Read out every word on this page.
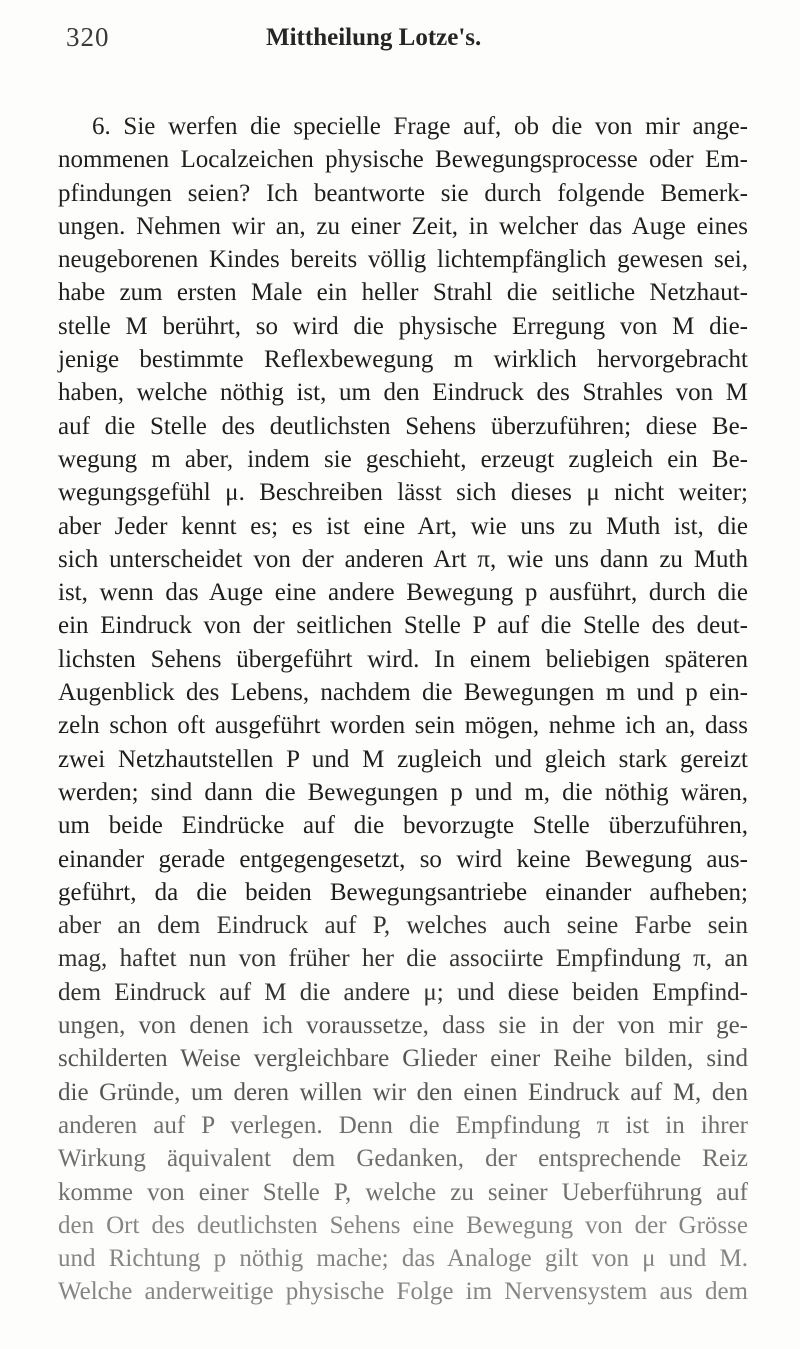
320	Mittheilung Lotze's.
6. Sie werfen die specielle Frage auf, ob die von mir ange-
nommenen Localzeichen physische Bewegungsprocesse oder Em-
pfindungen seien? Ich beantworte sie durch folgende Bemerk-
ungen. Nehmen wir an, zu einer Zeit, in welcher das Auge eines
neugeborenen Kindes bereits völlig lichtempfänglich gewesen sei,
habe zum ersten Male ein heller Strahl die seitliche Netzhaut-
stelle M berührt, so wird die physische Erregung von M die-
jenige bestimmte Reflexbewegung m wirklich hervorgebracht
haben, welche nöthig ist, um den Eindruck des Strahles von M
auf die Stelle des deutlichsten Sehens überzuführen; diese Be-
wegung m aber, indem sie geschieht, erzeugt zugleich ein Be-
wegungsgefühl μ. Beschreiben lässt sich dieses μ nicht weiter;
aber Jeder kennt es; es ist eine Art, wie uns zu Muth ist, die
sich unterscheidet von der anderen Art π, wie uns dann zu Muth
ist, wenn das Auge eine andere Bewegung p ausführt, durch die
ein Eindruck von der seitlichen Stelle P auf die Stelle des deut-
lichsten Sehens übergeführt wird. In einem beliebigen späteren
Augenblick des Lebens, nachdem die Bewegungen m und p ein-
zeln schon oft ausgeführt worden sein mögen, nehme ich an, dass
zwei Netzhautstellen P und M zugleich und gleich stark gereizt
werden; sind dann die Bewegungen p und m, die nöthig wären,
um beide Eindrücke auf die bevorzugte Stelle überzuführen,
einander gerade entgegengesetzt, so wird keine Bewegung aus-
geführt, da die beiden Bewegungsantriebe einander aufheben;
aber an dem Eindruck auf P, welches auch seine Farbe sein
mag, haftet nun von früher her die associirte Empfindung π, an
dem Eindruck auf M die andere μ; und diese beiden Empfind-
ungen, von denen ich voraussetze, dass sie in der von mir ge-
schilderten Weise vergleichbare Glieder einer Reihe bilden, sind
die Gründe, um deren willen wir den einen Eindruck auf M, den
anderen auf P verlegen. Denn die Empfindung π ist in ihrer
Wirkung äquivalent dem Gedanken, der entsprechende Reiz
komme von einer Stelle P, welche zu seiner Ueberführung auf
den Ort des deutlichsten Sehens eine Bewegung von der Grösse
und Richtung p nöthig mache; das Analoge gilt von μ und M.
Welche anderweitige physische Folge im Nervensystem aus dem
